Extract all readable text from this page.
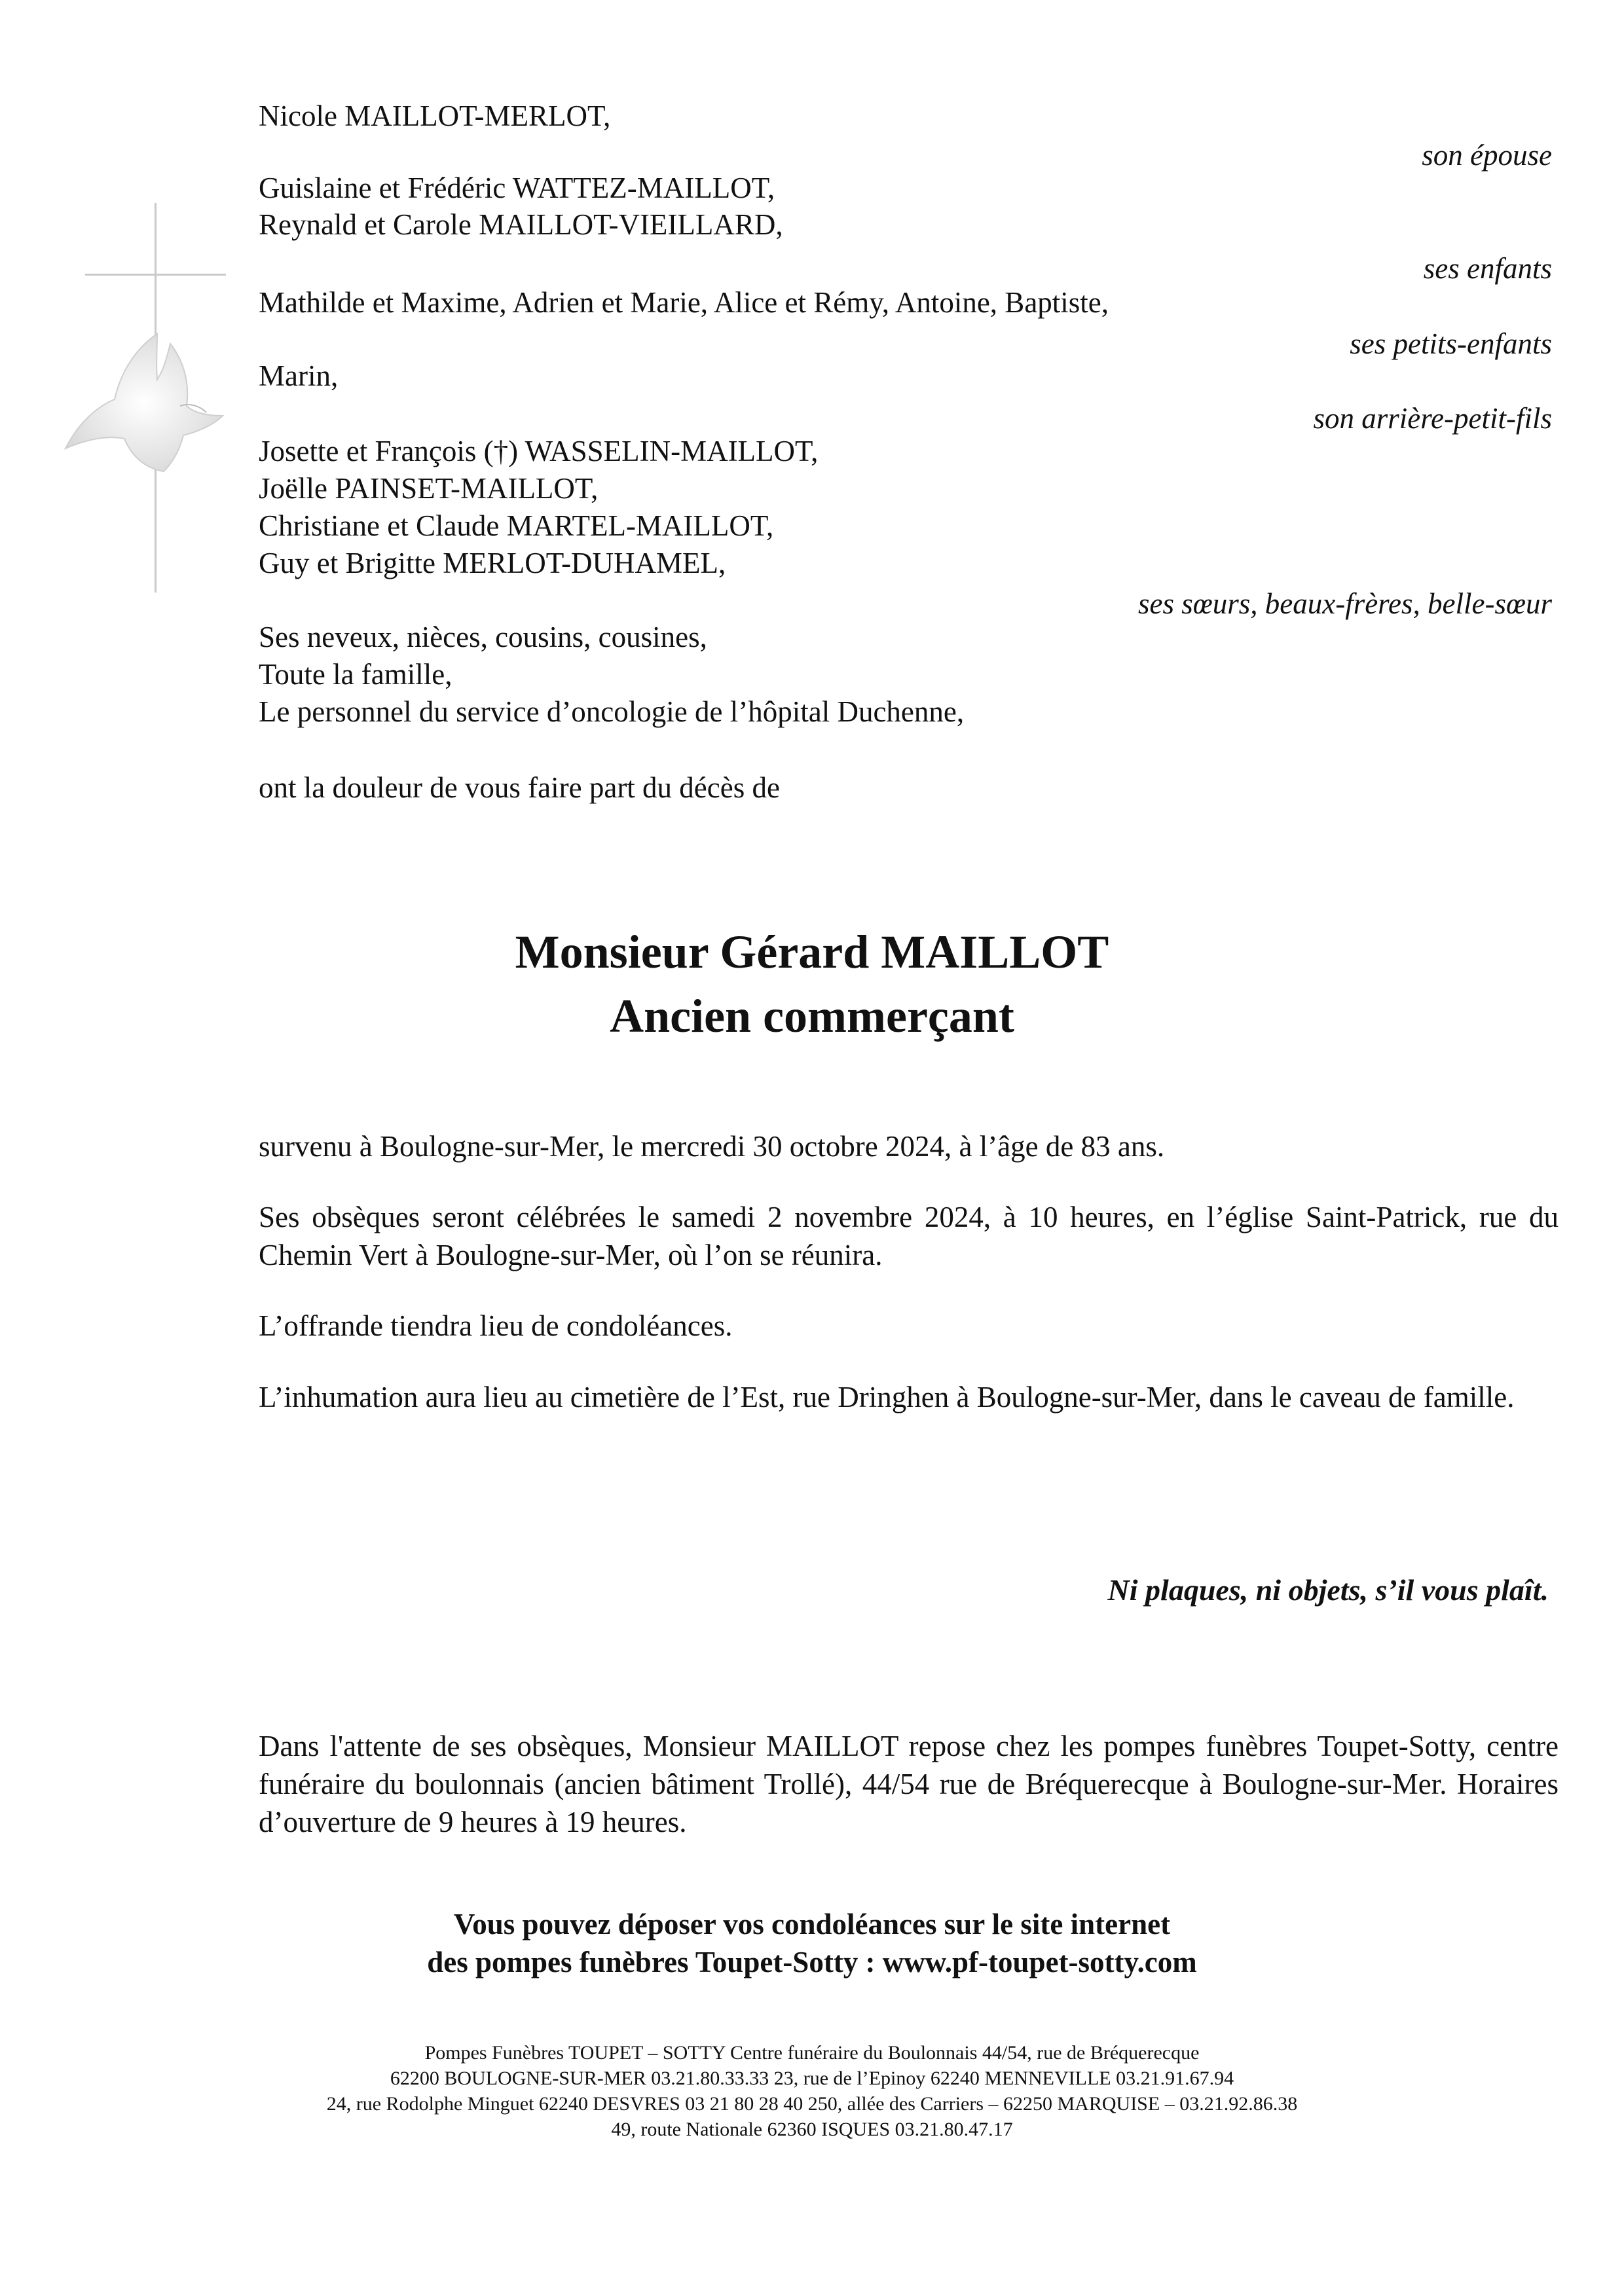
Nicole MAILLOT-MERLOT,
son épouse
Guislaine et Frédéric WATTEZ-MAILLOT,
Reynald et Carole MAILLOT-VIEILLARD,
ses enfants
Mathilde et Maxime, Adrien et Marie, Alice et Rémy, Antoine, Baptiste,
ses petits-enfants
Marin,
son arrière-petit-fils
Josette et François (†) WASSELIN-MAILLOT,
Joëlle PAINSET-MAILLOT,
Christiane et Claude MARTEL-MAILLOT,
Guy et Brigitte MERLOT-DUHAMEL,
ses sœurs, beaux-frères, belle-sœur
Ses neveux, nièces, cousins, cousines,
Toute la famille,
Le personnel du service d’oncologie de l’hôpital Duchenne,
ont la douleur de vous faire part du décès de
Monsieur Gérard MAILLOT
Ancien commerçant
survenu à Boulogne-sur-Mer, le mercredi 30 octobre 2024, à l’âge de 83 ans.
Ses obsèques seront célébrées le samedi 2 novembre 2024, à 10 heures, en l’église Saint-Patrick, rue du Chemin Vert à Boulogne-sur-Mer, où l’on se réunira.
L’offrande tiendra lieu de condoléances.
L’inhumation aura lieu au cimetière de l’Est, rue Dringhen à Boulogne-sur-Mer, dans le caveau de famille.
Ni plaques, ni objets, s’il vous plaît.
Dans l'attente de ses obsèques, Monsieur MAILLOT repose chez les pompes funèbres Toupet-Sotty, centre funéraire du boulonnais (ancien bâtiment Trollé), 44/54 rue de Bréquerecque à Boulogne-sur-Mer. Horaires d’ouverture de 9 heures à 19 heures.
Vous pouvez déposer vos condoléances sur le site internet
des pompes funèbres Toupet-Sotty : www.pf-toupet-sotty.com
Pompes Funèbres TOUPET – SOTTY Centre funéraire du Boulonnais 44/54, rue de Bréquerecque
62200 BOULOGNE-SUR-MER 03.21.80.33.33 23, rue de l’Epinoy 62240 MENNEVILLE 03.21.91.67.94
24, rue Rodolphe Minguet 62240 DESVRES 03 21 80 28 40 250, allée des Carriers – 62250 MARQUISE – 03.21.92.86.38
49, route Nationale 62360 ISQUES 03.21.80.47.17
